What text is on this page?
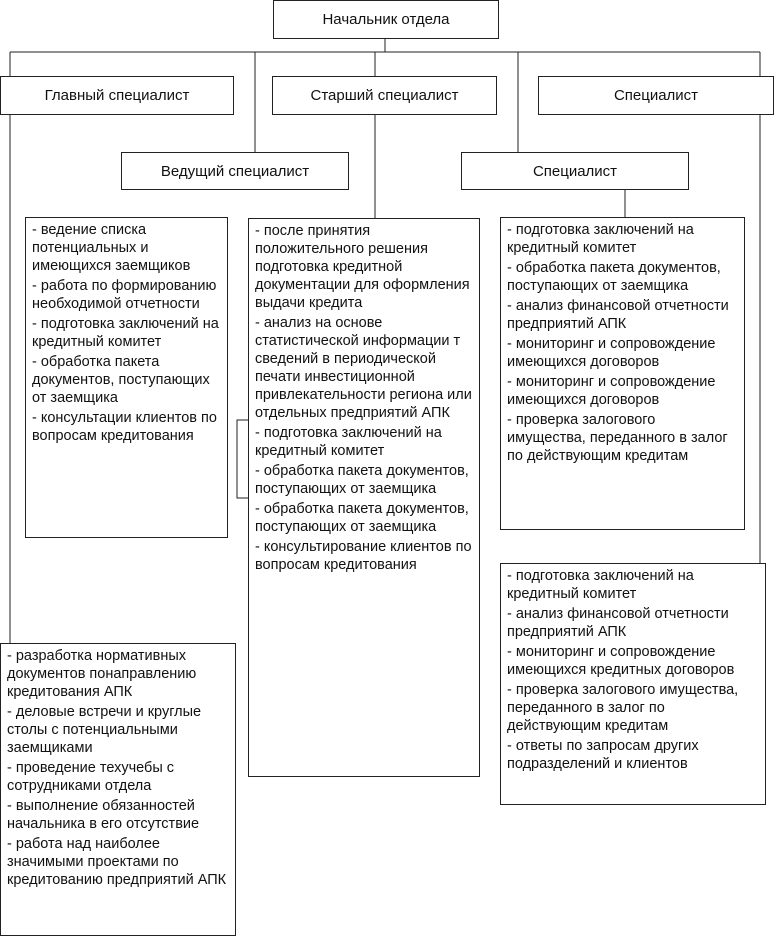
Начальник отдела
Главный специалист	Старший специалист	Специалист
Ведущий специалист	Специалист
- ведение списка потенциальных и имеющихся заемщиков
- работа по формированию необходимой отчетности
- подготовка заключений на кредитный комитет
- обработка пакета документов, поступающих от заемщика
- консультации клиентов по вопросам кредитования
- после принятия положительного решения подготовка кредитной документации для оформления выдачи кредита
- анализ на основе статистической информации т сведений в периодической печати инвестиционной привлекательности региона или отдельных предприятий АПК
- подготовка заключений на кредитный комитет
- обработка пакета документов, поступающих от заемщика
- обработка пакета документов, поступающих от заемщика
- консультирование клиентов по вопросам кредитования
- подготовка заключений на кредитный комитет
- обработка пакета документов, поступающих от заемщика
- анализ финансовой отчетности предприятий АПК
- мониторинг и сопровождение имеющихся договоров
- мониторинг и сопровождение имеющихся договоров
- проверка залогового имущества, переданного в залог по действующим кредитам
- подготовка заключений на кредитный комитет
- анализ финансовой отчетности предприятий АПК
- мониторинг и сопровождение имеющихся кредитных договоров
- проверка залогового имущества, переданного в залог по действующим кредитам
- ответы по запросам других подразделений и клиентов
- разработка нормативных документов понаправлению кредитования АПК
- деловые встречи и круглые столы с потенциальными заемщиками
- проведение техучебы с сотрудниками отдела
- выполнение обязанностей начальника в его отсутствие
- работа над наиболее значимыми проектами по кредитованию предприятий АПК
